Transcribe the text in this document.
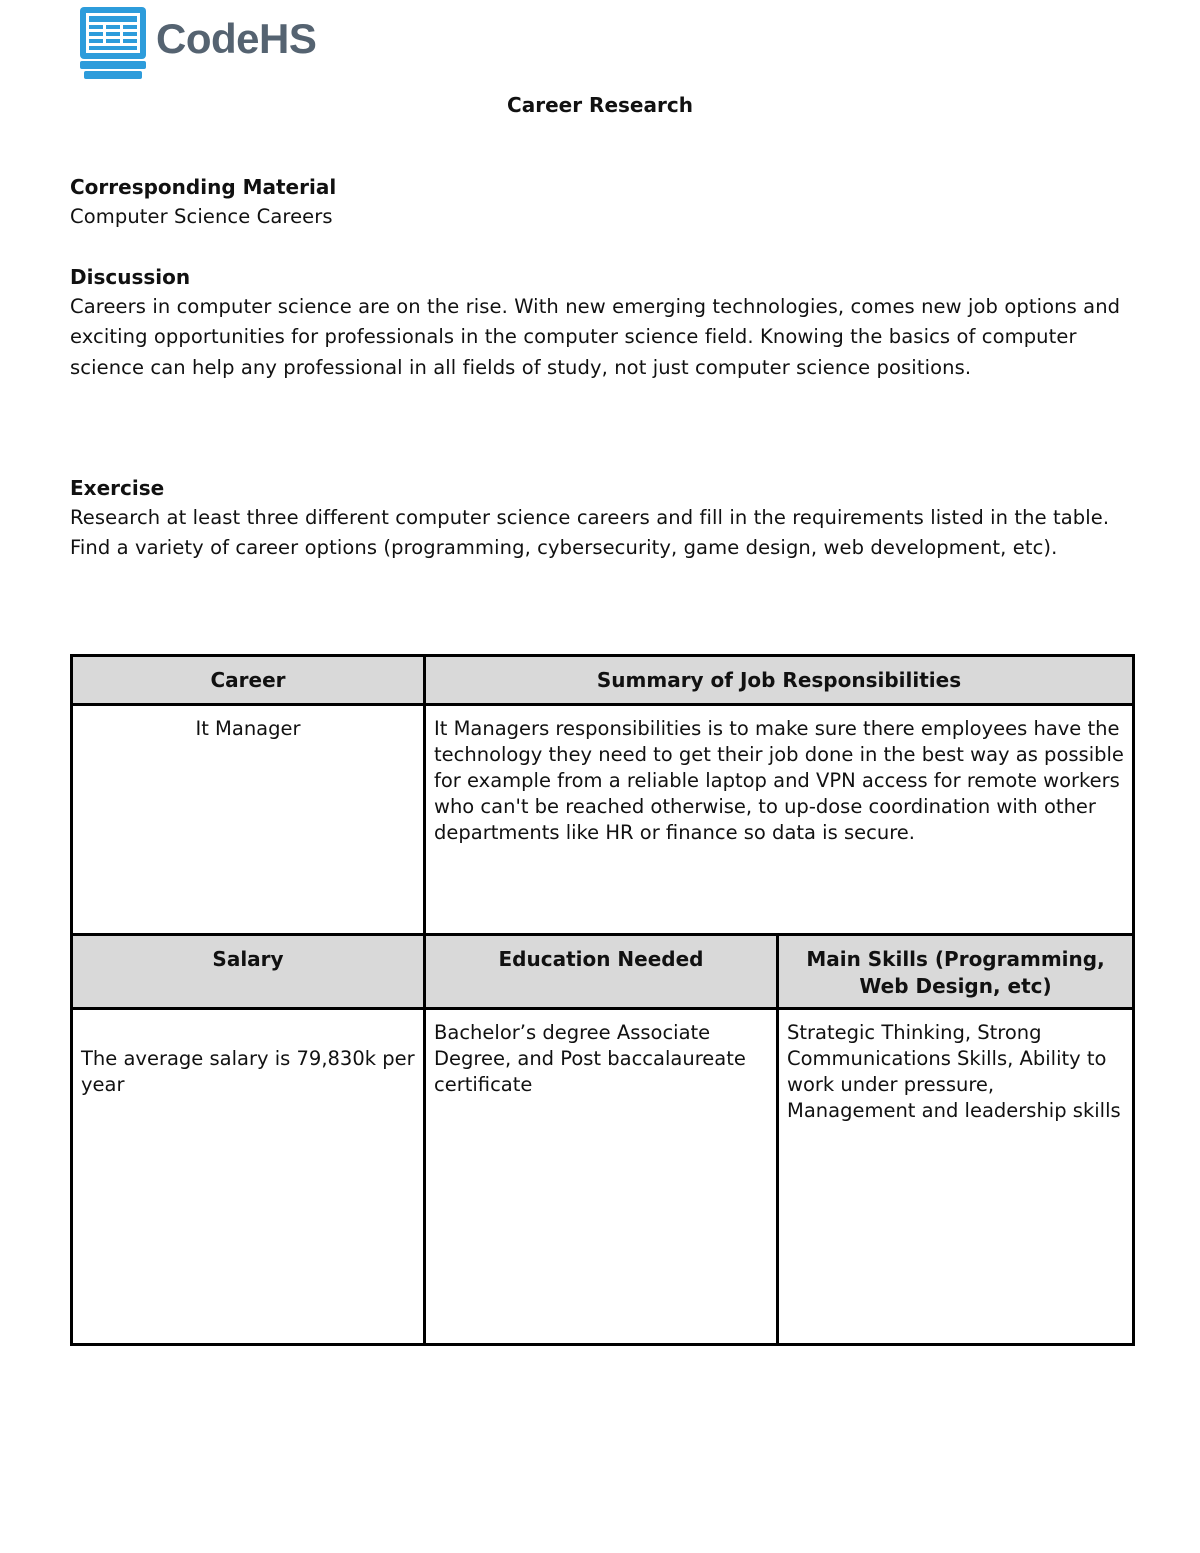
CodeHS
Career Research
Corresponding Material
Computer Science Careers
Discussion
Careers in computer science are on the rise. With new emerging technologies, comes new job options and exciting opportunities for professionals in the computer science field. Knowing the basics of computer science can help any professional in all fields of study, not just computer science positions.
Exercise
Research at least three different computer science careers and fill in the requirements listed in the table. Find a variety of career options (programming, cybersecurity, game design, web development, etc).
Career	Summary of Job Responsibilities	
It Manager	It Managers responsibilities is to make sure there employees have the technology they need to get their job done in the best way as possible for example from a reliable laptop and VPN access for remote workers who can't be reached otherwise, to up-dose coordination with other departments like HR or finance so data is secure.	
Salary	Education Needed	Main Skills (Programming, Web Design, etc)
The average salary is 79,830k per year	Bachelor’s degree Associate Degree, and Post baccalaureate certificate	Strategic Thinking, Strong Communications Skills, Ability to work under pressure, Management and leadership skills
